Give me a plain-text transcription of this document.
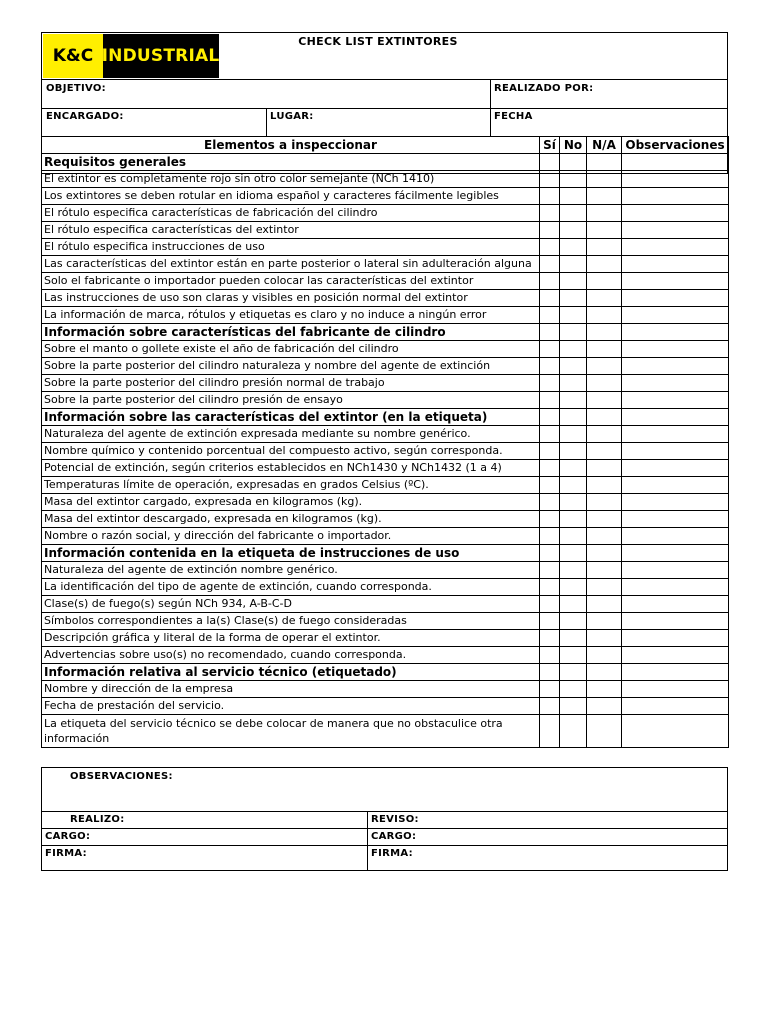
K&C INDUSTRIAL
CHECK LIST EXTINTORES
OBJETIVO:	REALIZADO POR:
ENCARGADO:	LUGAR:	FECHA
Elementos a inspeccionar	Sí	No	N/A	Observaciones
Requisitos generales				
El extintor es completamente rojo sin otro color semejante (NCh 1410)				
Los extintores se deben rotular en idioma español y caracteres fácilmente legibles				
El rótulo especifica características de fabricación del cilindro				
El rótulo especifica características del extintor				
El rótulo especifica instrucciones de uso				
Las características del extintor están en parte posterior o lateral sin adulteración alguna				
Solo el fabricante o importador pueden colocar las características del extintor				
Las instrucciones de uso son claras y visibles en posición normal del extintor				
La información de marca, rótulos y etiquetas es claro y no induce a ningún error				
Información sobre características del fabricante de cilindro				
Sobre el manto o gollete existe el año de fabricación del cilindro				
Sobre la parte posterior del cilindro naturaleza y nombre del agente de extinción				
Sobre la parte posterior del cilindro presión normal de trabajo				
Sobre la parte posterior del cilindro presión de ensayo				
Información sobre las características del extintor (en la etiqueta)				
Naturaleza del agente de extinción expresada mediante su nombre genérico.				
Nombre químico y contenido porcentual del compuesto activo, según corresponda.				
Potencial de extinción, según criterios establecidos en NCh1430 y NCh1432 (1 a 4)				
Temperaturas límite de operación, expresadas en grados Celsius (ºC).				
Masa del extintor cargado, expresada en kilogramos (kg).				
Masa del extintor descargado, expresada en kilogramos (kg).				
Nombre o razón social, y dirección del fabricante o importador.				
Información contenida en la etiqueta de instrucciones de uso				
Naturaleza del agente de extinción nombre genérico.				
La identificación del tipo de agente de extinción, cuando corresponda.				
Clase(s) de fuego(s) según NCh 934, A-B-C-D				
Símbolos correspondientes a la(s) Clase(s) de fuego consideradas				
Descripción gráfica y literal de la forma de operar el extintor.				
Advertencias sobre uso(s) no recomendado, cuando corresponda.				
Información relativa al servicio técnico (etiquetado)				
Nombre y dirección de la empresa				
Fecha de prestación del servicio.				
La etiqueta del servicio técnico se debe colocar de manera que no obstaculice otra información				
OBSERVACIONES:
REALIZO:	REVISO:
CARGO:	CARGO:
FIRMA:	FIRMA:
